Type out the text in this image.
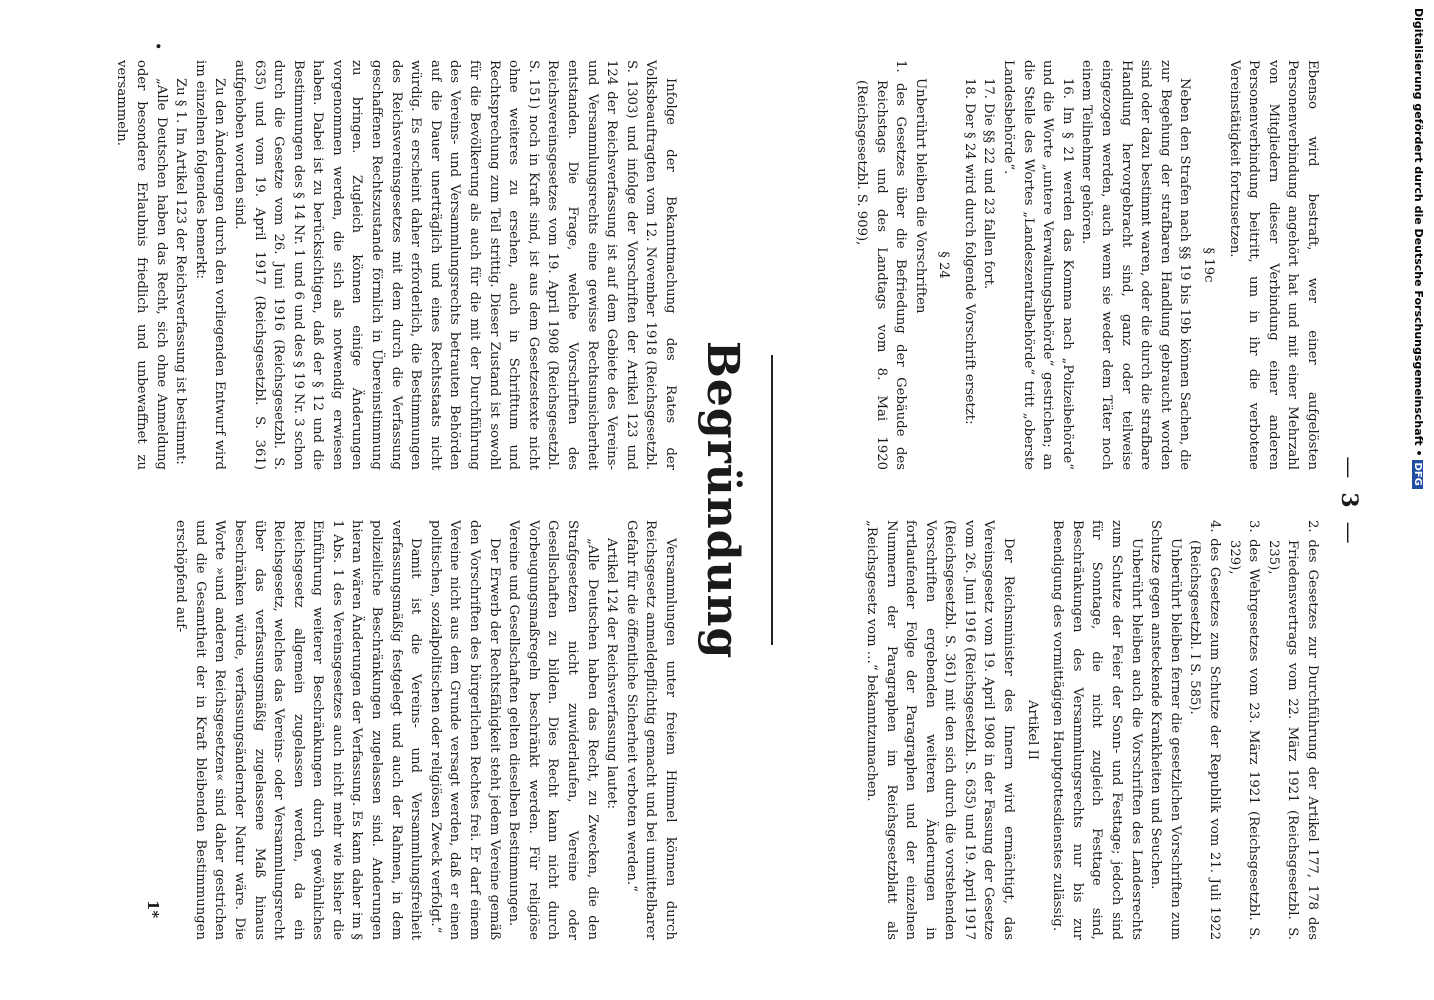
—3—

Ebenso wird bestraft, wer einer aufgelösten Personenverbindung angehört hat und mit einer Mehrzahl von Mitgliedern dieser Verbindung einer anderen Personenverbindung beitritt, um in ihr die verbotene Vereinstätigkeit fortzusetzen.

§ 19c

Neben den Strafen nach §§ 19 bis 19b können Sachen, die zur Begehung der strafbaren Handlung gebraucht worden sind oder dazu bestimmt waren, oder die durch die strafbare Handlung hervorgebracht sind, ganz oder teilweise eingezogen werden, auch wenn sie weder dem Täter noch einem Teilnehmer gehören.

16. Im § 21 werden das Komma nach „Polizeibehörde“ und die Worte „untere Verwaltungsbehörde“ gestrichen; an die Stelle des Wortes „Landeszentralbehörde“ tritt „oberste Landesbehörde“.

17. Die §§ 22 und 23 fallen fort.

18. Der § 24 wird durch folgende Vorschrift ersetzt:

§ 24

Unberührt bleiben die Vorschriften

1. des Gesetzes über die Befriedung der Gebäude des Reichstags und des Landtags vom 8. Mai 1920 (Reichsgesetzbl. S. 909),

2. des Gesetzes zur Durchführung der Artikel 177, 178 des Friedensvertrags vom 22. März 1921 (Reichsgesetzbl. S. 235),

3. des Wehrgesetzes vom 23. März 1921 (Reichsgesetzbl. S. 329),

4. des Gesetzes zum Schutze der Republik vom 21. Juli 1922 (Reichsgesetzbl. I S. 585).

Unberührt bleiben ferner die gesetzlichen Vorschriften zum Schutze gegen ansteckende Krankheiten und Seuchen.

Unberührt bleiben auch die Vorschriften des Landesrechts zum Schutze der Feier der Sonn- und Festtage; jedoch sind für Sonntage, die nicht zugleich Festtage sind, Beschränkungen des Versammlungsrechts nur bis zur Beendigung des vormittägigen Hauptgottesdienstes zulässig.

Artikel II

Der Reichsminister des Innern wird ermächtigt, das Vereinsgesetz vom 19. April 1908 in der Fassung der Gesetze vom 26. Juni 1916 (Reichsgesetzbl. S. 635) und 19. April 1917 (Reichsgesetzbl. S. 361) mit den sich durch die vorstehenden Vorschriften ergebenden weiteren Änderungen in fortlaufender Folge der Paragraphen und der einzelnen Nummern der Paragraphen im Reichsgesetzblatt als „Reichsgesetz vom …“ bekanntzumachen.

Begründung

Infolge der Bekanntmachung des Rates der Volksbeauftragten vom 12. November 1918 (Reichsgesetzbl. S. 1303) und infolge der Vorschriften der Artikel 123 und 124 der Reichsverfassung ist auf dem Gebiete des Vereins- und Versammlungsrechts eine gewisse Rechtsunsicherheit entstanden. Die Frage, welche Vorschriften des Reichsvereinsgesetzes vom 19. April 1908 (Reichsgesetzbl. S. 151) noch in Kraft sind, ist aus dem Gesetzestexte nicht ohne weiteres zu ersehen, auch in Schrifttum und Rechtsprechung zum Teil strittig. Dieser Zustand ist sowohl für die Bevölkerung als auch für die mit der Durchführung des Vereins- und Versammlungsrechts betrauten Behörden auf die Dauer unerträglich und eines Rechtsstaats nicht würdig. Es erscheint daher erforderlich, die Bestimmungen des Reichsvereinsgesetzes mit dem durch die Verfassung geschaffenen Rechtszustande förmlich in Übereinstimmung zu bringen. Zugleich können einige Änderungen vorgenommen werden, die sich als notwendig erwiesen haben. Dabei ist zu berücksichtigen, daß der § 12 und die Bestimmungen des § 14 Nr. 1 und 6 und des § 19 Nr. 3 schon durch die Gesetze vom 26. Juni 1916 (Reichsgesetzbl. S. 635) und vom 19. April 1917 (Reichsgesetzbl. S. 361) aufgehoben worden sind.

Zu den Änderungen durch den vorliegenden Entwurf wird im einzelnen folgendes bemerkt:

Zu § 1. Im Artikel 123 der Reichsverfassung ist bestimmt:

„Alle Deutschen haben das Recht, sich ohne Anmeldung oder besondere Erlaubnis friedlich und unbewaffnet zu versammeln.

Versammlungen unter freiem Himmel können durch Reichsgesetz anmeldepflichtig gemacht und bei unmittelbarer Gefahr für die öffentliche Sicherheit verboten werden.“

Artikel 124 der Reichsverfassung lautet:

„Alle Deutschen haben das Recht, zu Zwecken, die den Strafgesetzen nicht zuwiderlaufen, Vereine oder Gesellschaften zu bilden. Dies Recht kann nicht durch Vorbeugungsmaßregeln beschränkt werden. Für religiöse Vereine und Gesellschaften gelten dieselben Bestimmungen.

Der Erwerb der Rechtsfähigkeit steht jedem Vereine gemäß den Vorschriften des bürgerlichen Rechtes frei. Er darf einem Vereine nicht aus dem Grunde versagt werden, daß er einen politischen, sozialpolitischen oder religiösen Zweck verfolgt.“

Damit ist die Vereins- und Versammlungsfreiheit verfassungsmäßig festgelegt und auch der Rahmen, in dem polizeiliche Beschränkungen zugelassen sind. Anderungen hieran wären Änderungen der Verfassung. Es kann daher im § 1 Abs. 1 des Vereinsgesetzes auch nicht mehr wie bisher die Einführung weiterer Beschränkungen durch gewöhnliches Reichsgesetz allgemein zugelassen werden, da ein Reichsgesetz, welches das Vereins- oder Versammlungsrecht über das verfassungsmäßig zugelassene Maß hinaus beschränken würde, verfassungsändernder Natur wäre. Die Worte »und anderen Reichsgesetzen« sind daher gestrichen und die Gesamtheit der in Kraft bleibenden Bestimmungen erschöpfend auf-

•
1*
Digitalisierung gefördert durch die Deutsche Forschungsgemeinschaft •DFG
